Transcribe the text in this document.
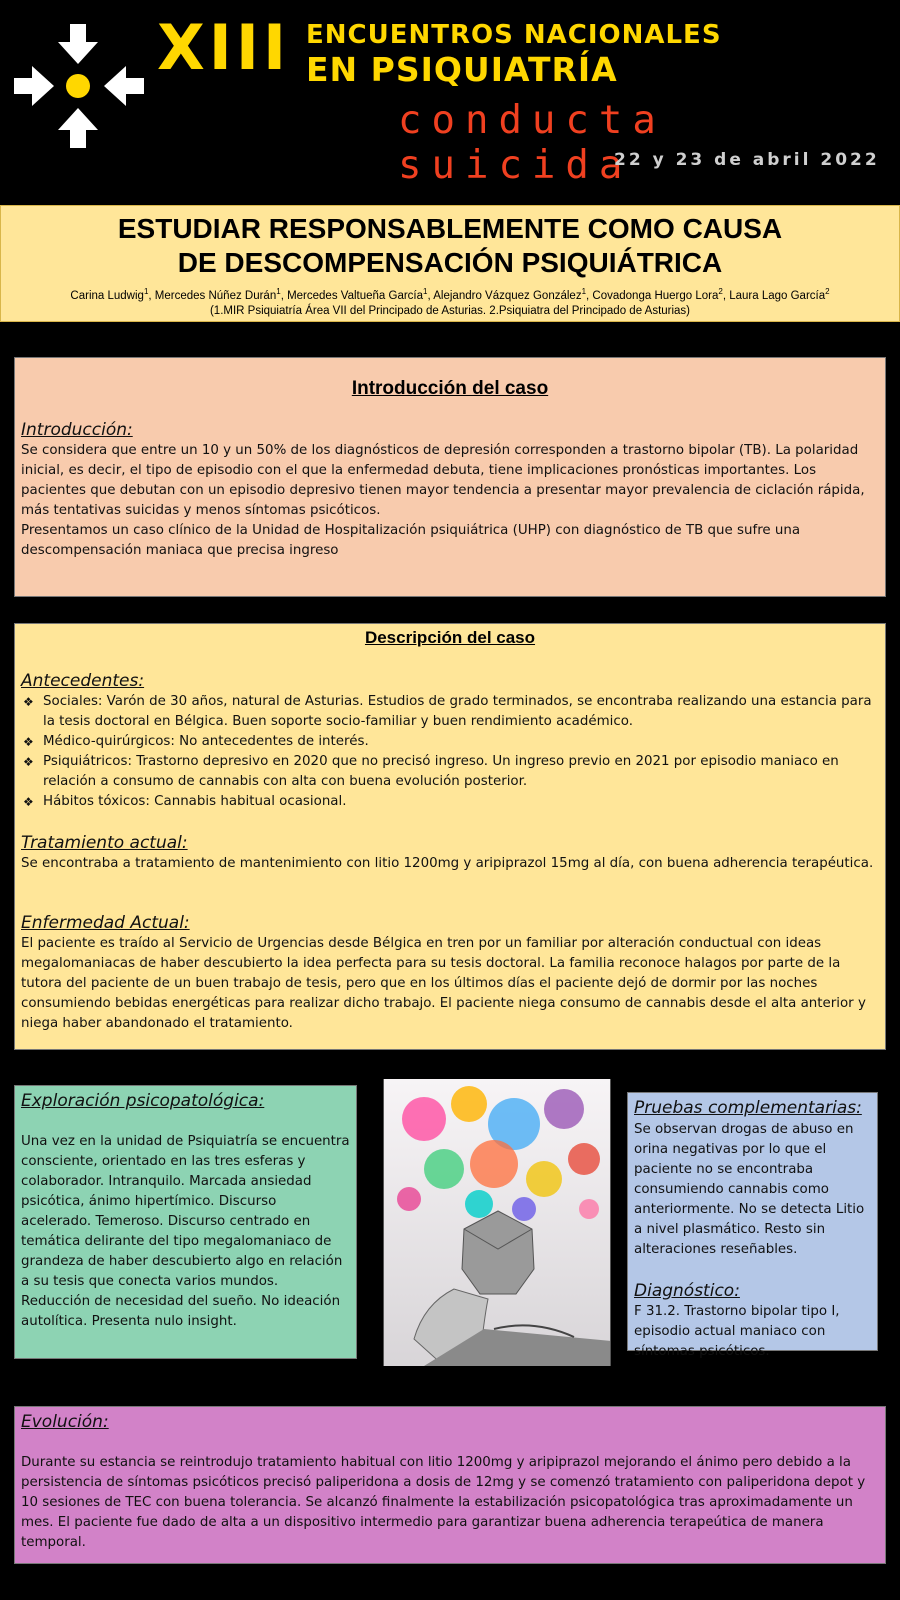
XIII ENCUENTROS NACIONALES
EN PSIQUIATRÍA
conducta suicida
22 y 23 de abril 2022
ESTUDIAR RESPONSABLEMENTE COMO CAUSA
DE DESCOMPENSACIÓN PSIQUIÁTRICA
Carina Ludwig$^1$, Mercedes Núñez Durán$^1$, Mercedes Valtueña García$^1$, Alejandro Vázquez González$^1$, Covadonga Huergo Lora$^2$, Laura Lago García$^2$
(1.MIR Psiquiatría Área VII del Principado de Asturias. 2.Psiquiatra del Principado de Asturias)
Introducción del caso
Introducción:
Se considera que entre un 10 y un 50% de los diagnósticos de depresión corresponden a trastorno bipolar (TB). La polaridad inicial, es decir, el tipo de episodio con el que la enfermedad debuta, tiene implicaciones pronósticas importantes. Los pacientes que debutan con un episodio depresivo tienen mayor tendencia a presentar mayor prevalencia de ciclación rápida, más tentativas suicidas y menos síntomas psicóticos.
Presentamos un caso clínico de la Unidad de Hospitalización psiquiátrica (UHP) con diagnóstico de TB que sufre una descompensación maniaca que precisa ingreso
Descripción del caso
Antecedentes:
❖ Sociales: Varón de 30 años, natural de Asturias. Estudios de grado terminados, se encontraba realizando una estancia para la tesis doctoral en Bélgica. Buen soporte socio-familiar y buen rendimiento académico.
❖ Médico-quirúrgicos: No antecedentes de interés.
❖ Psiquiátricos: Trastorno depresivo en 2020 que no precisó ingreso. Un ingreso previo en 2021 por episodio maniaco en relación a consumo de cannabis con alta con buena evolución posterior.
❖ Hábitos tóxicos: Cannabis habitual ocasional.
Tratamiento actual:
Se encontraba a tratamiento de mantenimiento con litio 1200mg y aripiprazol 15mg al día, con buena adherencia terapéutica.
Enfermedad Actual:
El paciente es traído al Servicio de Urgencias desde Bélgica en tren por un familiar por alteración conductual con ideas megalomaniacas de haber descubierto la idea perfecta para su tesis doctoral. La familia reconoce halagos por parte de la tutora del paciente de un buen trabajo de tesis, pero que en los últimos días el paciente dejó de dormir por las noches consumiendo bebidas energéticas para realizar dicho trabajo. El paciente niega consumo de cannabis desde el alta anterior y niega haber abandonado el tratamiento.
Exploración psicopatológica:
Una vez en la unidad de Psiquiatría se encuentra consciente, orientado en las tres esferas y colaborador. Intranquilo. Marcada ansiedad psicótica, ánimo hipertímico. Discurso acelerado. Temeroso. Discurso centrado en temática delirante del tipo megalomaniaco de grandeza de haber descubierto algo en relación a su tesis que conecta varios mundos. Reducción de necesidad del sueño. No ideación autolítica. Presenta nulo insight.
Pruebas complementarias: Se observan drogas de abuso en orina negativas por lo que el paciente no se encontraba consumiendo cannabis como anteriormente. No se detecta Litio a nivel plasmático. Resto sin alteraciones reseñables.
Diagnóstico:
F 31.2. Trastorno bipolar tipo I, episodio actual maniaco con síntomas psicóticos.
Evolución:
Durante su estancia se reintrodujo tratamiento habitual con litio 1200mg y aripiprazol mejorando el ánimo pero debido a la persistencia de síntomas psicóticos precisó paliperidona a dosis de 12mg y se comenzó tratamiento con paliperidona depot y 10 sesiones de TEC con buena tolerancia. Se alcanzó finalmente la estabilización psicopatológica tras aproximadamente un mes. El paciente fue dado de alta a un dispositivo intermedio para garantizar buena adherencia terapeútica de manera temporal.
